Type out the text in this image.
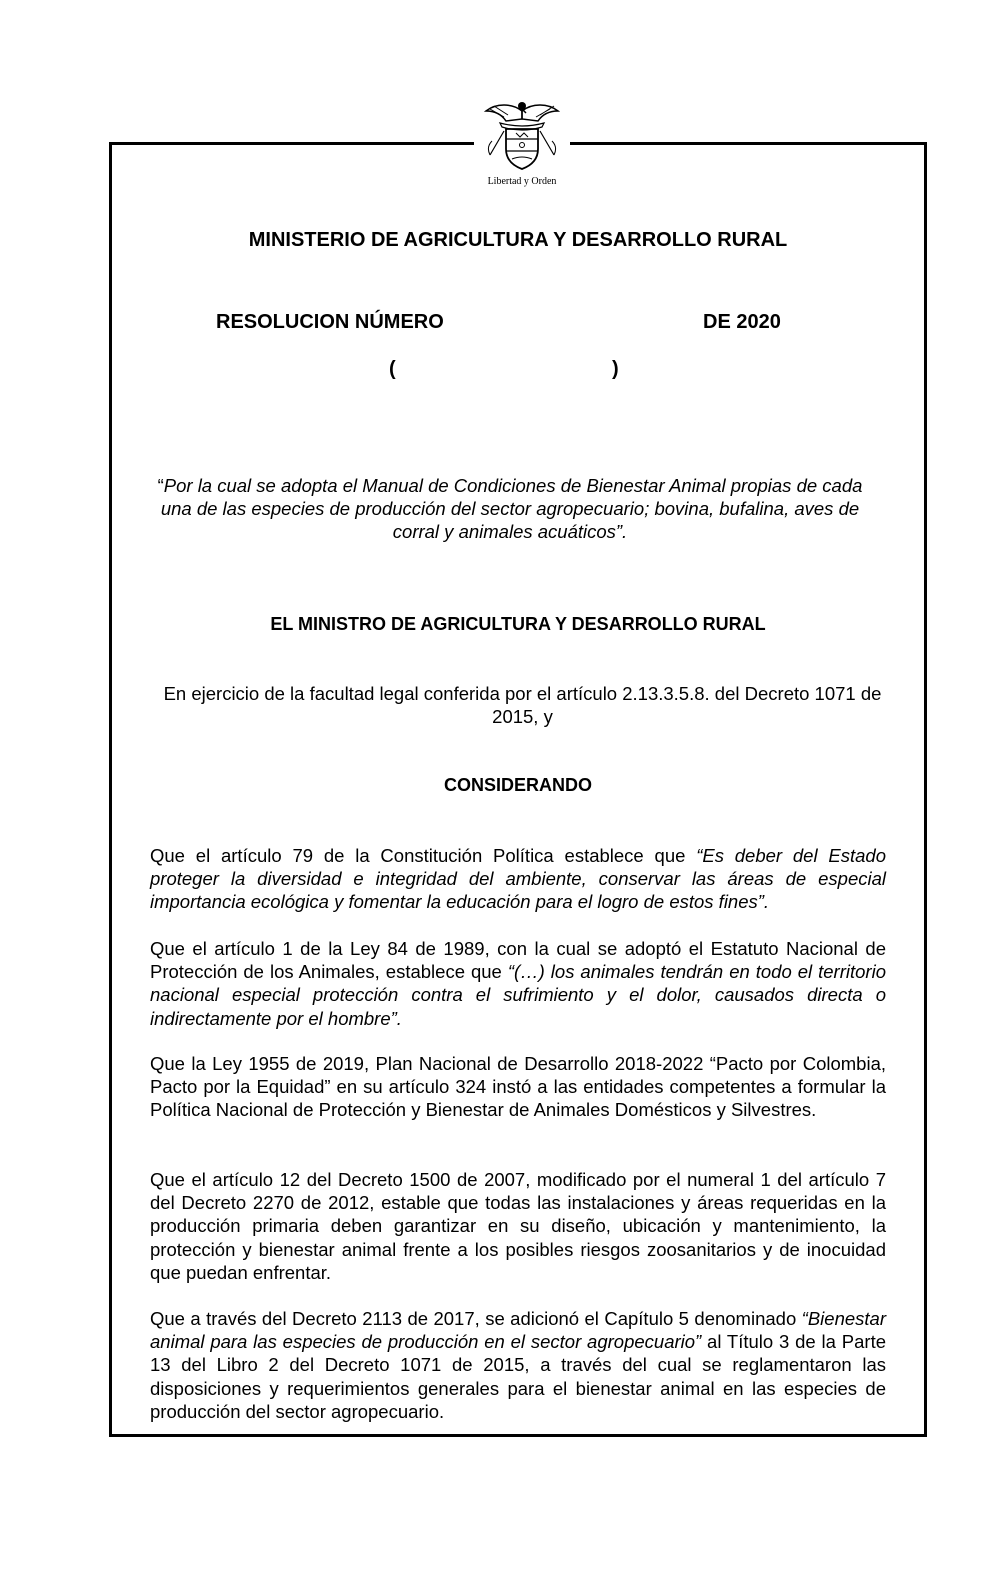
Libertad y Orden
MINISTERIO DE AGRICULTURA Y DESARROLLO RURAL
RESOLUCION NÚMERO	DE 2020
(	)
“Por la cual se adopta el Manual de Condiciones de Bienestar Animal propias de cada una de las especies de producción del sector agropecuario; bovina, bufalina, aves de corral y animales acuáticos”.
EL MINISTRO DE AGRICULTURA Y DESARROLLO RURAL
En ejercicio de la facultad legal conferida por el artículo 2.13.3.5.8. del Decreto 1071 de 2015, y
CONSIDERANDO

Que el artículo 79 de la Constitución Política establece que “Es deber del Estado proteger la diversidad e integridad del ambiente, conservar las áreas de especial importancia ecológica y fomentar la educación para el logro de estos fines”.

Que el artículo 1 de la Ley 84 de 1989, con la cual se adoptó el Estatuto Nacional de Protección de los Animales, establece que “(…) los animales tendrán en todo el territorio nacional especial protección contra el sufrimiento y el dolor, causados directa o indirectamente por el hombre”.

Que la Ley 1955 de 2019, Plan Nacional de Desarrollo 2018-2022 “Pacto por Colombia, Pacto por la Equidad” en su artículo 324 instó a las entidades competentes a formular la Política Nacional de Protección y Bienestar de Animales Domésticos y Silvestres.

Que el artículo 12 del Decreto 1500 de 2007, modificado por el numeral 1 del artículo 7 del Decreto 2270 de 2012, estable que todas las instalaciones y áreas requeridas en la producción primaria deben garantizar en su diseño, ubicación y mantenimiento, la protección y bienestar animal frente a los posibles riesgos zoosanitarios y de inocuidad que puedan enfrentar.

Que a través del Decreto 2113 de 2017, se adicionó el Capítulo 5 denominado “Bienestar animal para las especies de producción en el sector agropecuario” al Título 3 de la Parte 13 del Libro 2 del Decreto 1071 de 2015, a través del cual se reglamentaron las disposiciones y requerimientos generales para el bienestar animal en las especies de producción del sector agropecuario.
